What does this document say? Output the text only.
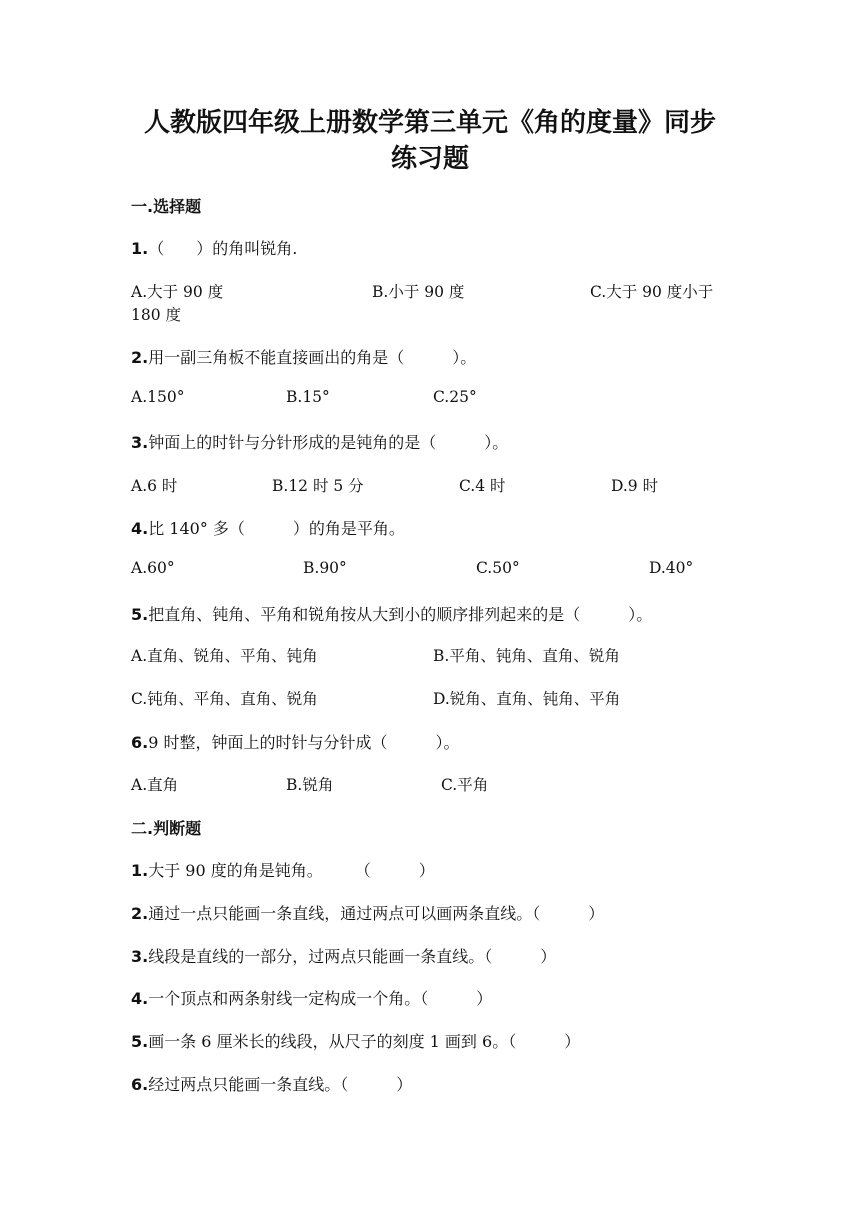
人教版四年级上册数学第三单元《角的度量》同步
练习题
一.选择题
1.（　　）的角叫锐角.
A.大于 90 度	B.小于 90 度	C.大于 90 度小于
180 度
2.用一副三角板不能直接画出的角是（　　　）。
A.150°	B.15°	C.25°
3.钟面上的时针与分针形成的是钝角的是（　　　）。
A.6 时	B.12 时 5 分	C.4 时	D.9 时
4.比 140° 多（　　　）的角是平角。
A.60°	B.90°	C.50°	D.40°
5.把直角、钝角、平角和锐角按从大到小的顺序排列起来的是（　　　）。
A.直角、锐角、平角、钝角	B.平角、钝角、直角、锐角
C.钝角、平角、直角、锐角	D.锐角、直角、钝角、平角
6.9 时整，钟面上的时针与分针成（　　　）。
A.直角	B.锐角	C.平角
二.判断题
1.大于 90 度的角是钝角。　　　（　　　）
2.通过一点只能画一条直线，通过两点可以画两条直线。（　　　）
3.线段是直线的一部分，过两点只能画一条直线。（　　　）
4.一个顶点和两条射线一定构成一个角。（　　　）
5.画一条 6 厘米长的线段，从尺子的刻度 1 画到 6。（　　　）
6.经过两点只能画一条直线。（　　　）
